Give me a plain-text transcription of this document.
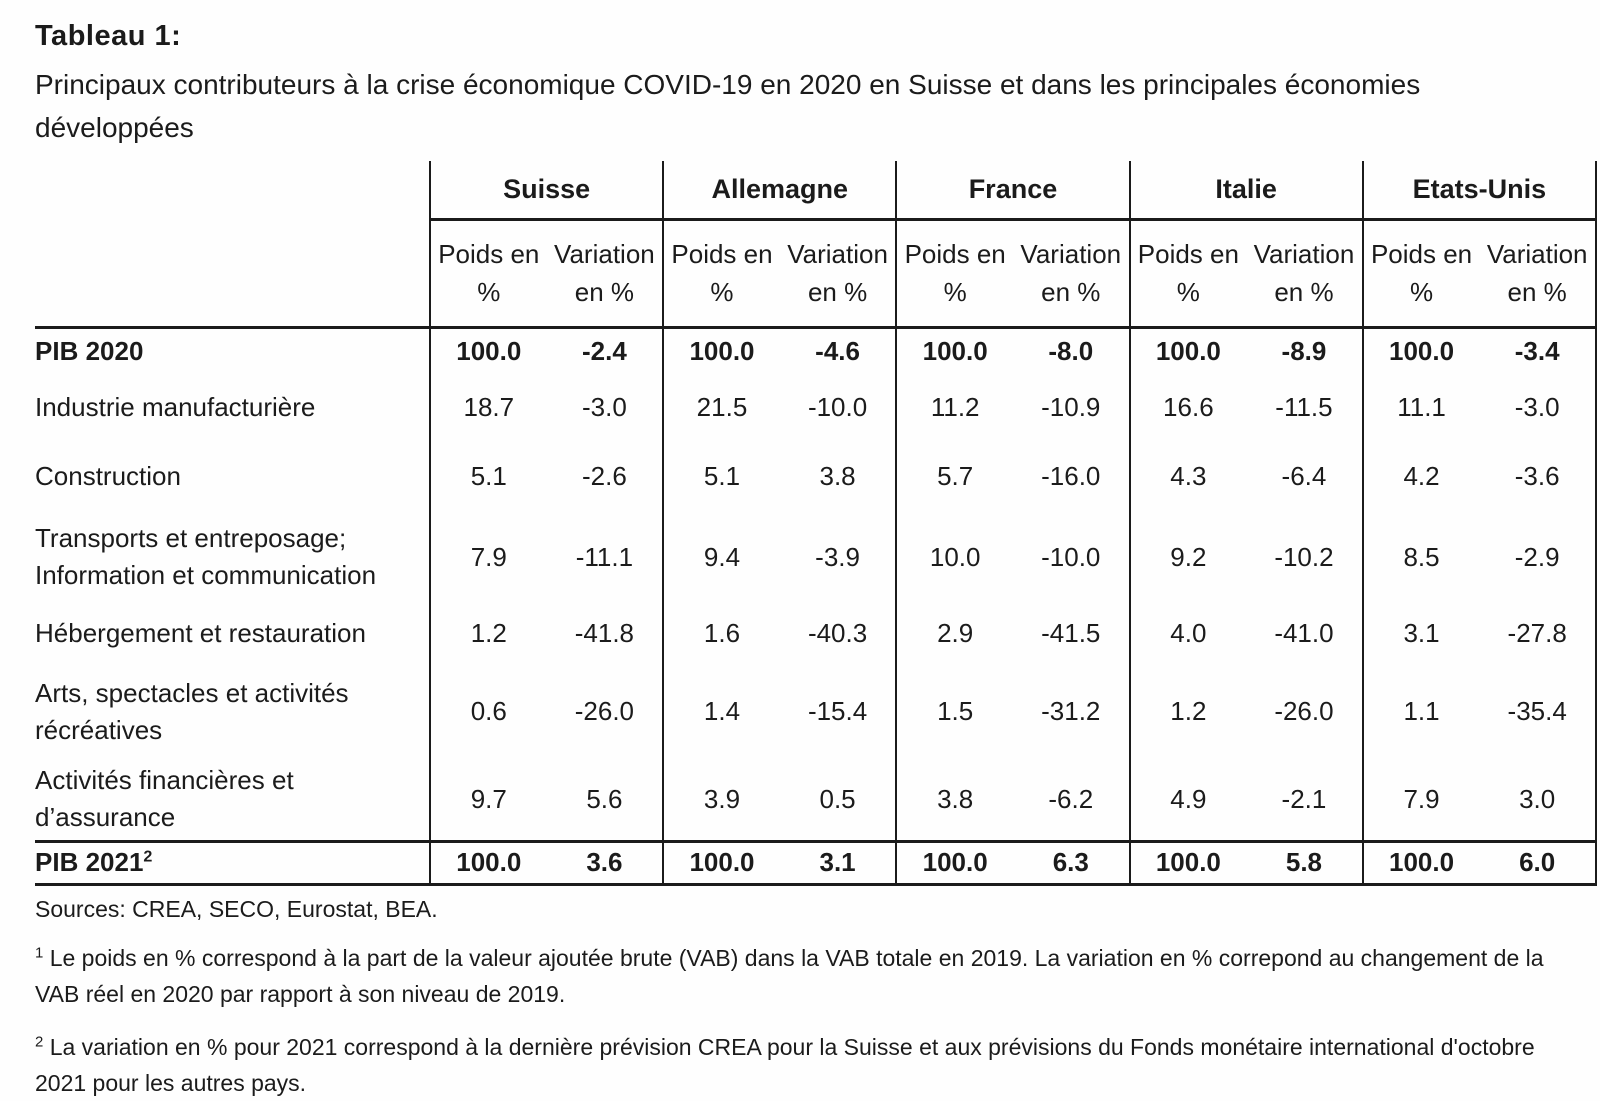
Tableau 1:
Principaux contributeurs à la crise économique COVID-19 en 2020 en Suisse et dans les principales économies développées
	Suisse		Allemagne		France		Italie		Etats-Unis	
	Poids en %	Variation en %	Poids en %	Variation en %	Poids en %	Variation en %	Poids en %	Variation en %	Poids en %	Variation en %
PIB 2020	100.0	-2.4	100.0	-4.6	100.0	-8.0	100.0	-8.9	100.0	-3.4
Industrie manufacturière	18.7	-3.0	21.5	-10.0	11.2	-10.9	16.6	-11.5	11.1	-3.0
Construction	5.1	-2.6	5.1	3.8	5.7	-16.0	4.3	-6.4	4.2	-3.6
Transports et entreposage; Information et communication	7.9	-11.1	9.4	-3.9	10.0	-10.0	9.2	-10.2	8.5	-2.9
Hébergement et restauration	1.2	-41.8	1.6	-40.3	2.9	-41.5	4.0	-41.0	3.1	-27.8
Arts, spectacles et activités récréatives	0.6	-26.0	1.4	-15.4	1.5	-31.2	1.2	-26.0	1.1	-35.4
Activités financières et d’assurance	9.7	5.6	3.9	0.5	3.8	-6.2	4.9	-2.1	7.9	3.0
PIB 2021$^2$	100.0	3.6	100.0	3.1	100.0	6.3	100.0	5.8	100.0	6.0
Sources: CREA, SECO, Eurostat, BEA.
$^1$ Le poids en % correspond à la part de la valeur ajoutée brute (VAB) dans la VAB totale en 2019. La variation en % correpond au changement de la VAB réel en 2020 par rapport à son niveau de 2019.
$^2$ La variation en % pour 2021 correspond à la dernière prévision CREA pour la Suisse et aux prévisions du Fonds monétaire international d'octobre 2021 pour les autres pays.
